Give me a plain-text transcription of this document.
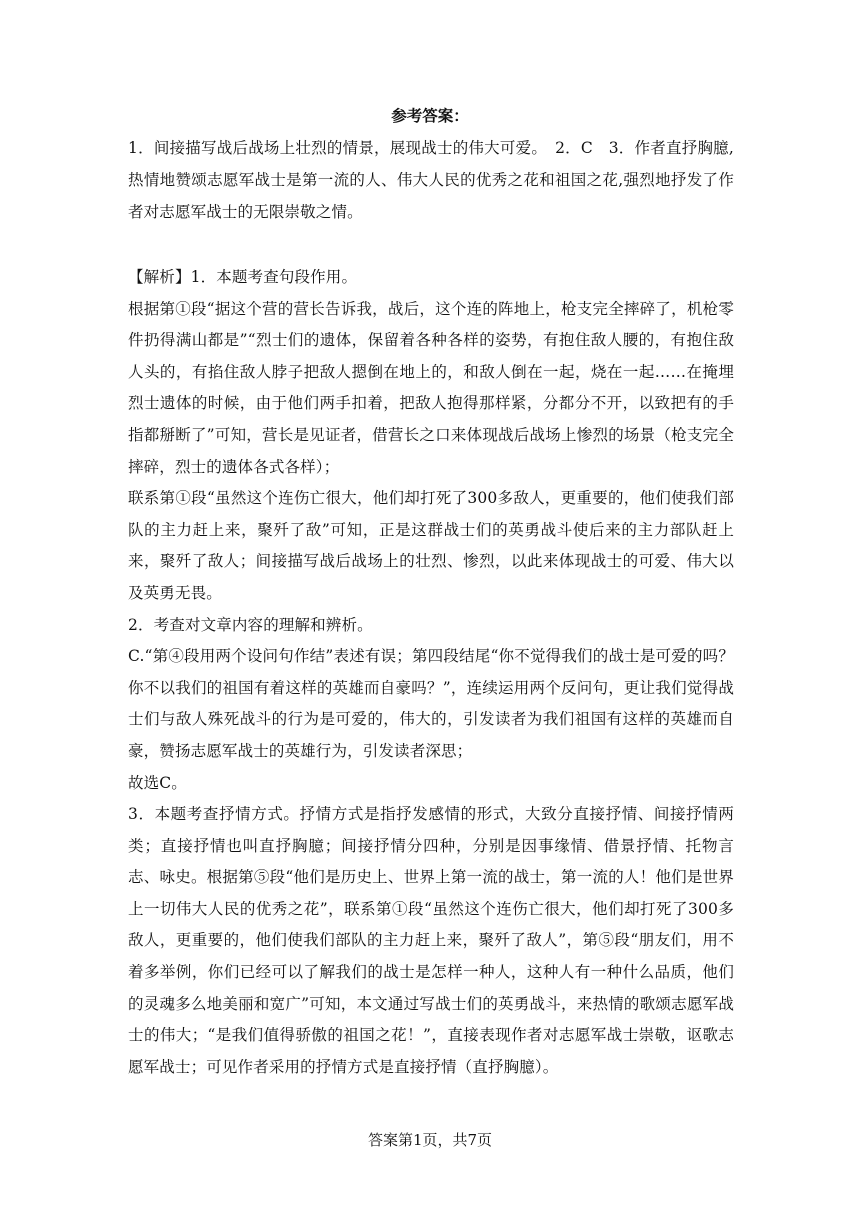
参考答案：

1．间接描写战后战场上壮烈的情景，展现战士的伟大可爱。　2．C　3．作者直抒胸臆,热情地赞颂志愿军战士是第一流的人、伟大人民的优秀之花和祖国之花,强烈地抒发了作者对志愿军战士的无限崇敬之情。

【解析】1．本题考查句段作用。

根据第①段“据这个营的营长告诉我，战后，这个连的阵地上，枪支完全摔碎了，机枪零件扔得满山都是”“烈士们的遗体，保留着各种各样的姿势，有抱住敌人腰的，有抱住敌人头的，有掐住敌人脖子把敌人摁倒在地上的，和敌人倒在一起，烧在一起……在掩埋烈士遗体的时候，由于他们两手扣着，把敌人抱得那样紧，分都分不开，以致把有的手指都掰断了”可知，营长是见证者，借营长之口来体现战后战场上惨烈的场景（枪支完全摔碎，烈士的遗体各式各样）；

联系第①段“虽然这个连伤亡很大，他们却打死了300多敌人，更重要的，他们使我们部队的主力赶上来，聚歼了敌”可知，正是这群战士们的英勇战斗使后来的主力部队赶上来，聚歼了敌人；间接描写战后战场上的壮烈、惨烈，以此来体现战士的可爱、伟大以及英勇无畏。

2．考查对文章内容的理解和辨析。

C.“第④段用两个设问句作结”表述有误；第四段结尾“你不觉得我们的战士是可爱的吗？你不以我们的祖国有着这样的英雄而自豪吗？”，连续运用两个反问句，更让我们觉得战士们与敌人殊死战斗的行为是可爱的，伟大的，引发读者为我们祖国有这样的英雄而自豪，赞扬志愿军战士的英雄行为，引发读者深思；

故选C。

3．本题考查抒情方式。抒情方式是指抒发感情的形式，大致分直接抒情、间接抒情两类；直接抒情也叫直抒胸臆；间接抒情分四种，分别是因事缘情、借景抒情、托物言志、咏史。根据第⑤段“他们是历史上、世界上第一流的战士，第一流的人！他们是世界上一切伟大人民的优秀之花”，联系第①段“虽然这个连伤亡很大，他们却打死了300多敌人，更重要的，他们使我们部队的主力赶上来，聚歼了敌人”，第⑤段“朋友们，用不着多举例，你们已经可以了解我们的战士是怎样一种人，这种人有一种什么品质，他们的灵魂多么地美丽和宽广”可知，本文通过写战士们的英勇战斗，来热情的歌颂志愿军战士的伟大；“是我们值得骄傲的祖国之花！”，直接表现作者对志愿军战士崇敬，讴歌志愿军战士；可见作者采用的抒情方式是直接抒情（直抒胸臆）。

答案第1页，共7页
